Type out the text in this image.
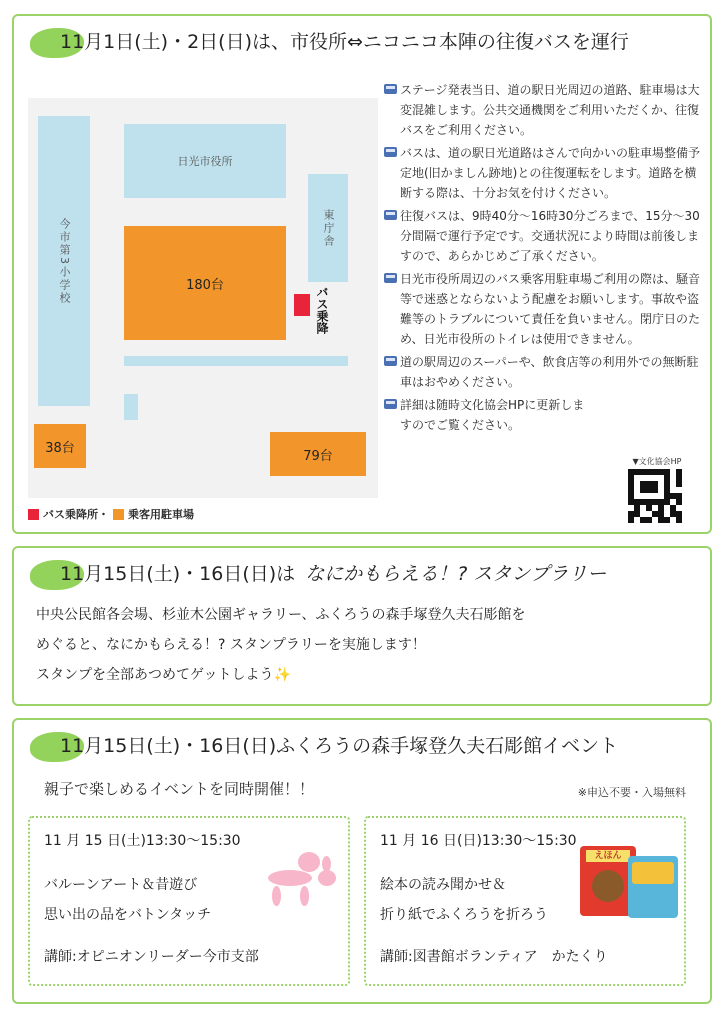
11月1日(土)・2日(日)は、市役所⇔ニコニコ本陣の往復バスを運行
今市第3小学校
日光市役所
東庁舎
180台
バス乗降
38台
79台
バス乗降所・ 乗客用駐車場
ステージ発表当日、道の駅日光周辺の道路、駐車場は大変混雑します。公共交通機関をご利用いただくか、往復バスをご利用ください。
バスは、道の駅日光道路はさんで向かいの駐車場整備予定地(旧かましん跡地)との往復運転をします。道路を横断する際は、十分お気を付けください。
往復バスは、9時40分～16時30分ごろまで、15分～30分間隔で運行予定です。交通状況により時間は前後しますので、あらかじめご了承ください。
日光市役所周辺のバス乗客用駐車場ご利用の際は、騒音等で迷惑とならないよう配慮をお願いします。事故や盗難等のトラブルについて責任を負いません。閉庁日のため、日光市役所のトイレは使用できません。
道の駅周辺のスーパーや、飲食店等の利用外での無断駐車はおやめください。
詳細は随時文化協会HPに更新しますのでご覧ください。
▼文化協会HP
11月15日(土)・16日(日)は なにかもらえる！? スタンプラリー
中央公民館各会場、杉並木公園ギャラリー、ふくろうの森手塚登久夫石彫館を
めぐると、なにかもらえる！? スタンプラリーを実施します！
スタンプを全部あつめてゲットしよう✨
11月15日(土)・16日(日)ふくろうの森手塚登久夫石彫館イベント
親子で楽しめるイベントを同時開催！！	※申込不要・入場無料
11 月 15 日(土)13:30～15:30
バルーンアート＆昔遊び
思い出の品をバトンタッチ
講師:オピニオンリーダー今市支部
11 月 16 日(日)13:30～15:30
絵本の読み聞かせ＆
折り紙でふくろうを折ろう
講師:図書館ボランティア　かたくり
えほん
